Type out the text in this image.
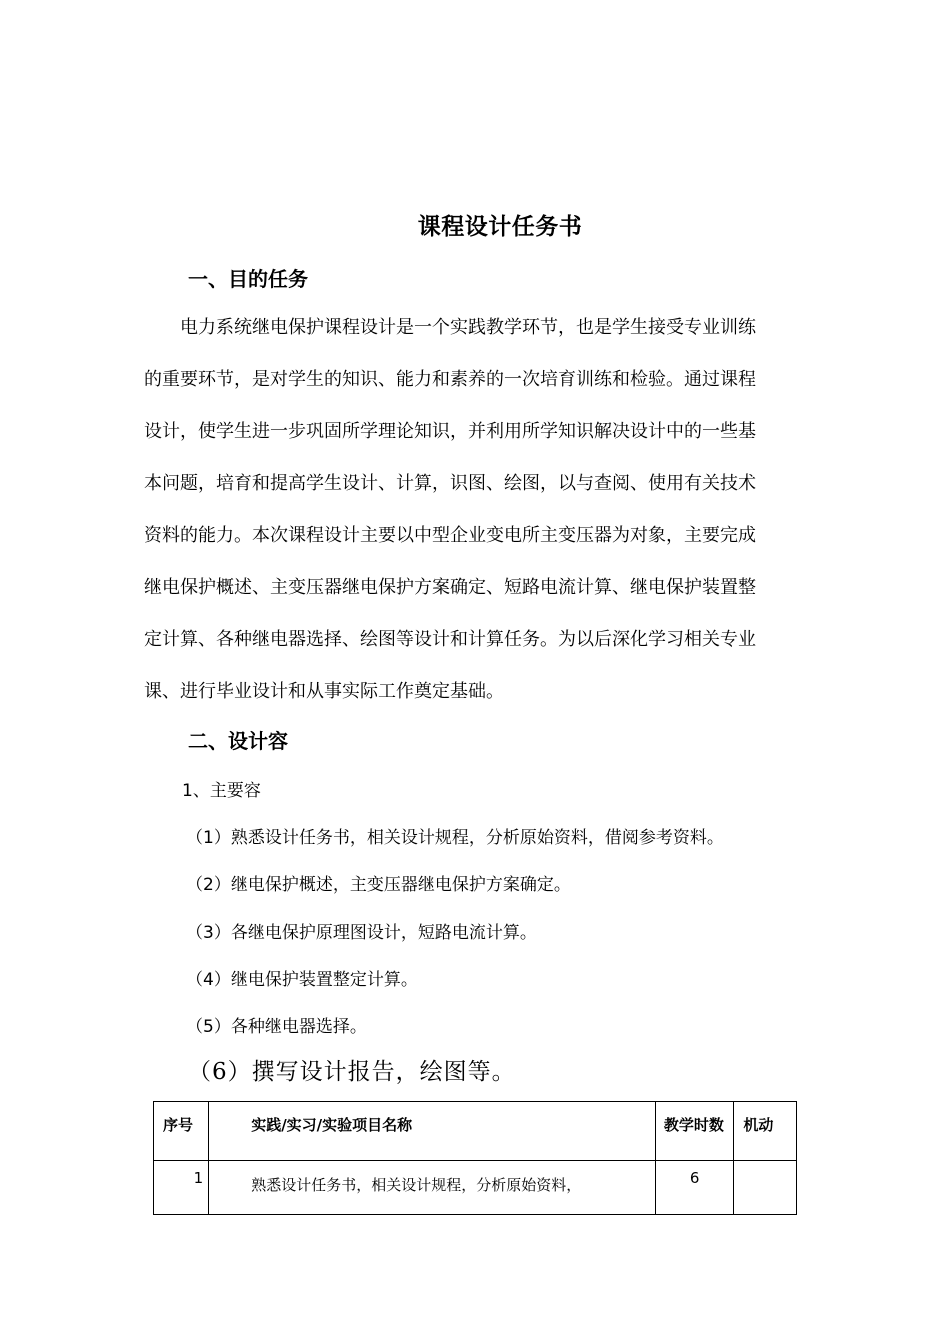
课程设计任务书
一、目的任务
电力系统继电保护课程设计是一个实践教学环节，也是学生接受专业训练
的重要环节，是对学生的知识、能力和素养的一次培育训练和检验。通过课程
设计，使学生进一步巩固所学理论知识，并利用所学知识解决设计中的一些基
本问题，培育和提高学生设计、计算，识图、绘图，以与查阅、使用有关技术
资料的能力。本次课程设计主要以中型企业变电所主变压器为对象，主要完成
继电保护概述、主变压器继电保护方案确定、短路电流计算、继电保护装置整
定计算、各种继电器选择、绘图等设计和计算任务。为以后深化学习相关专业
课、进行毕业设计和从事实际工作奠定基础。
二、设计容
1、主要容
（1）熟悉设计任务书，相关设计规程，分析原始资料，借阅参考资料。
（2）继电保护概述，主变压器继电保护方案确定。
（3）各继电保护原理图设计，短路电流计算。
（4）继电保护装置整定计算。
（5）各种继电器选择。
（6）撰写设计报告，绘图等。
序号	实践/实习/实验项目名称	教学时数	机动
1	熟悉设计任务书，相关设计规程，分析原始资料，	6	
